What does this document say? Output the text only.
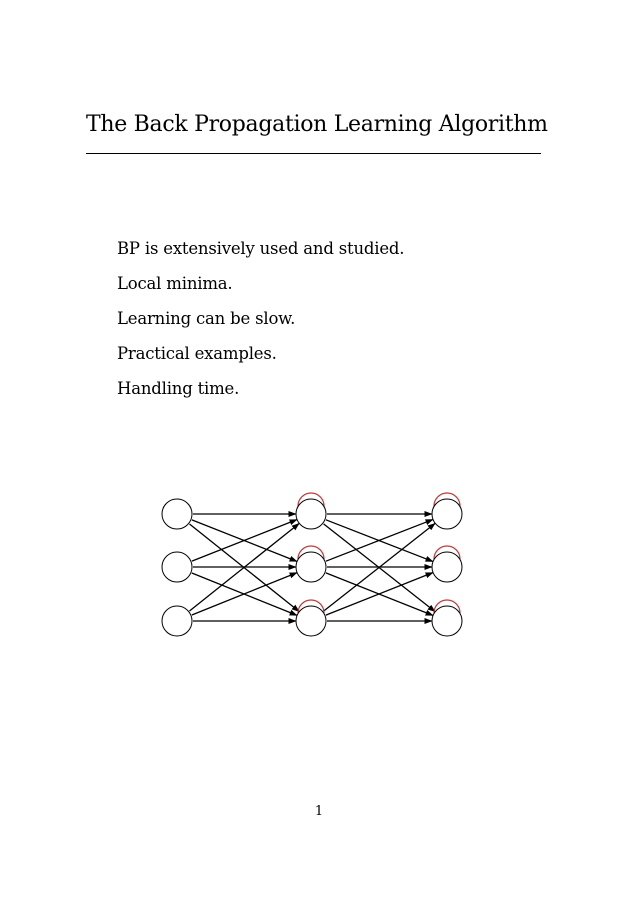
The Back Propagation Learning Algorithm
BP is extensively used and studied.
Local minima.
Learning can be slow.
Practical examples.
Handling time.
1
